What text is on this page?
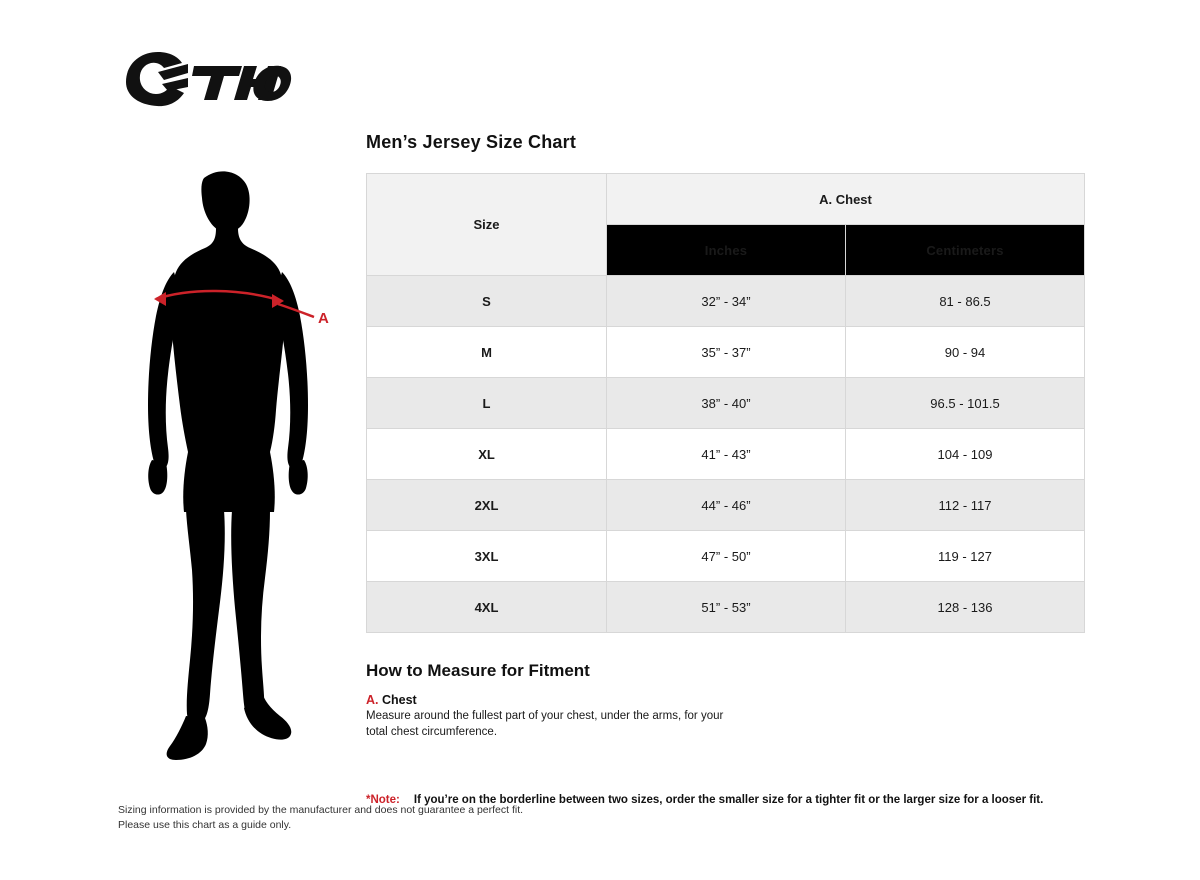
A
Men’s Jersey Size Chart
Size	A. Chest	
	Inches	Centimeters
S	32” - 34”	81 - 86.5
M	35” - 37”	90 - 94
L	38” - 40”	96.5 - 101.5
XL	41” - 43”	104 - 109
2XL	44” - 46”	112 - 117
3XL	47” - 50”	119 - 127
4XL	51” - 53”	128 - 136
How to Measure for Fitment
A. Chest
Measure around the fullest part of your chest, under the arms, for your
total chest circumference.
*Note: If you’re on the borderline between two sizes, order the smaller size for a tighter fit or the larger size for a looser fit.
Sizing information is provided by the manufacturer and does not guarantee a perfect fit.
Please use this chart as a guide only.
